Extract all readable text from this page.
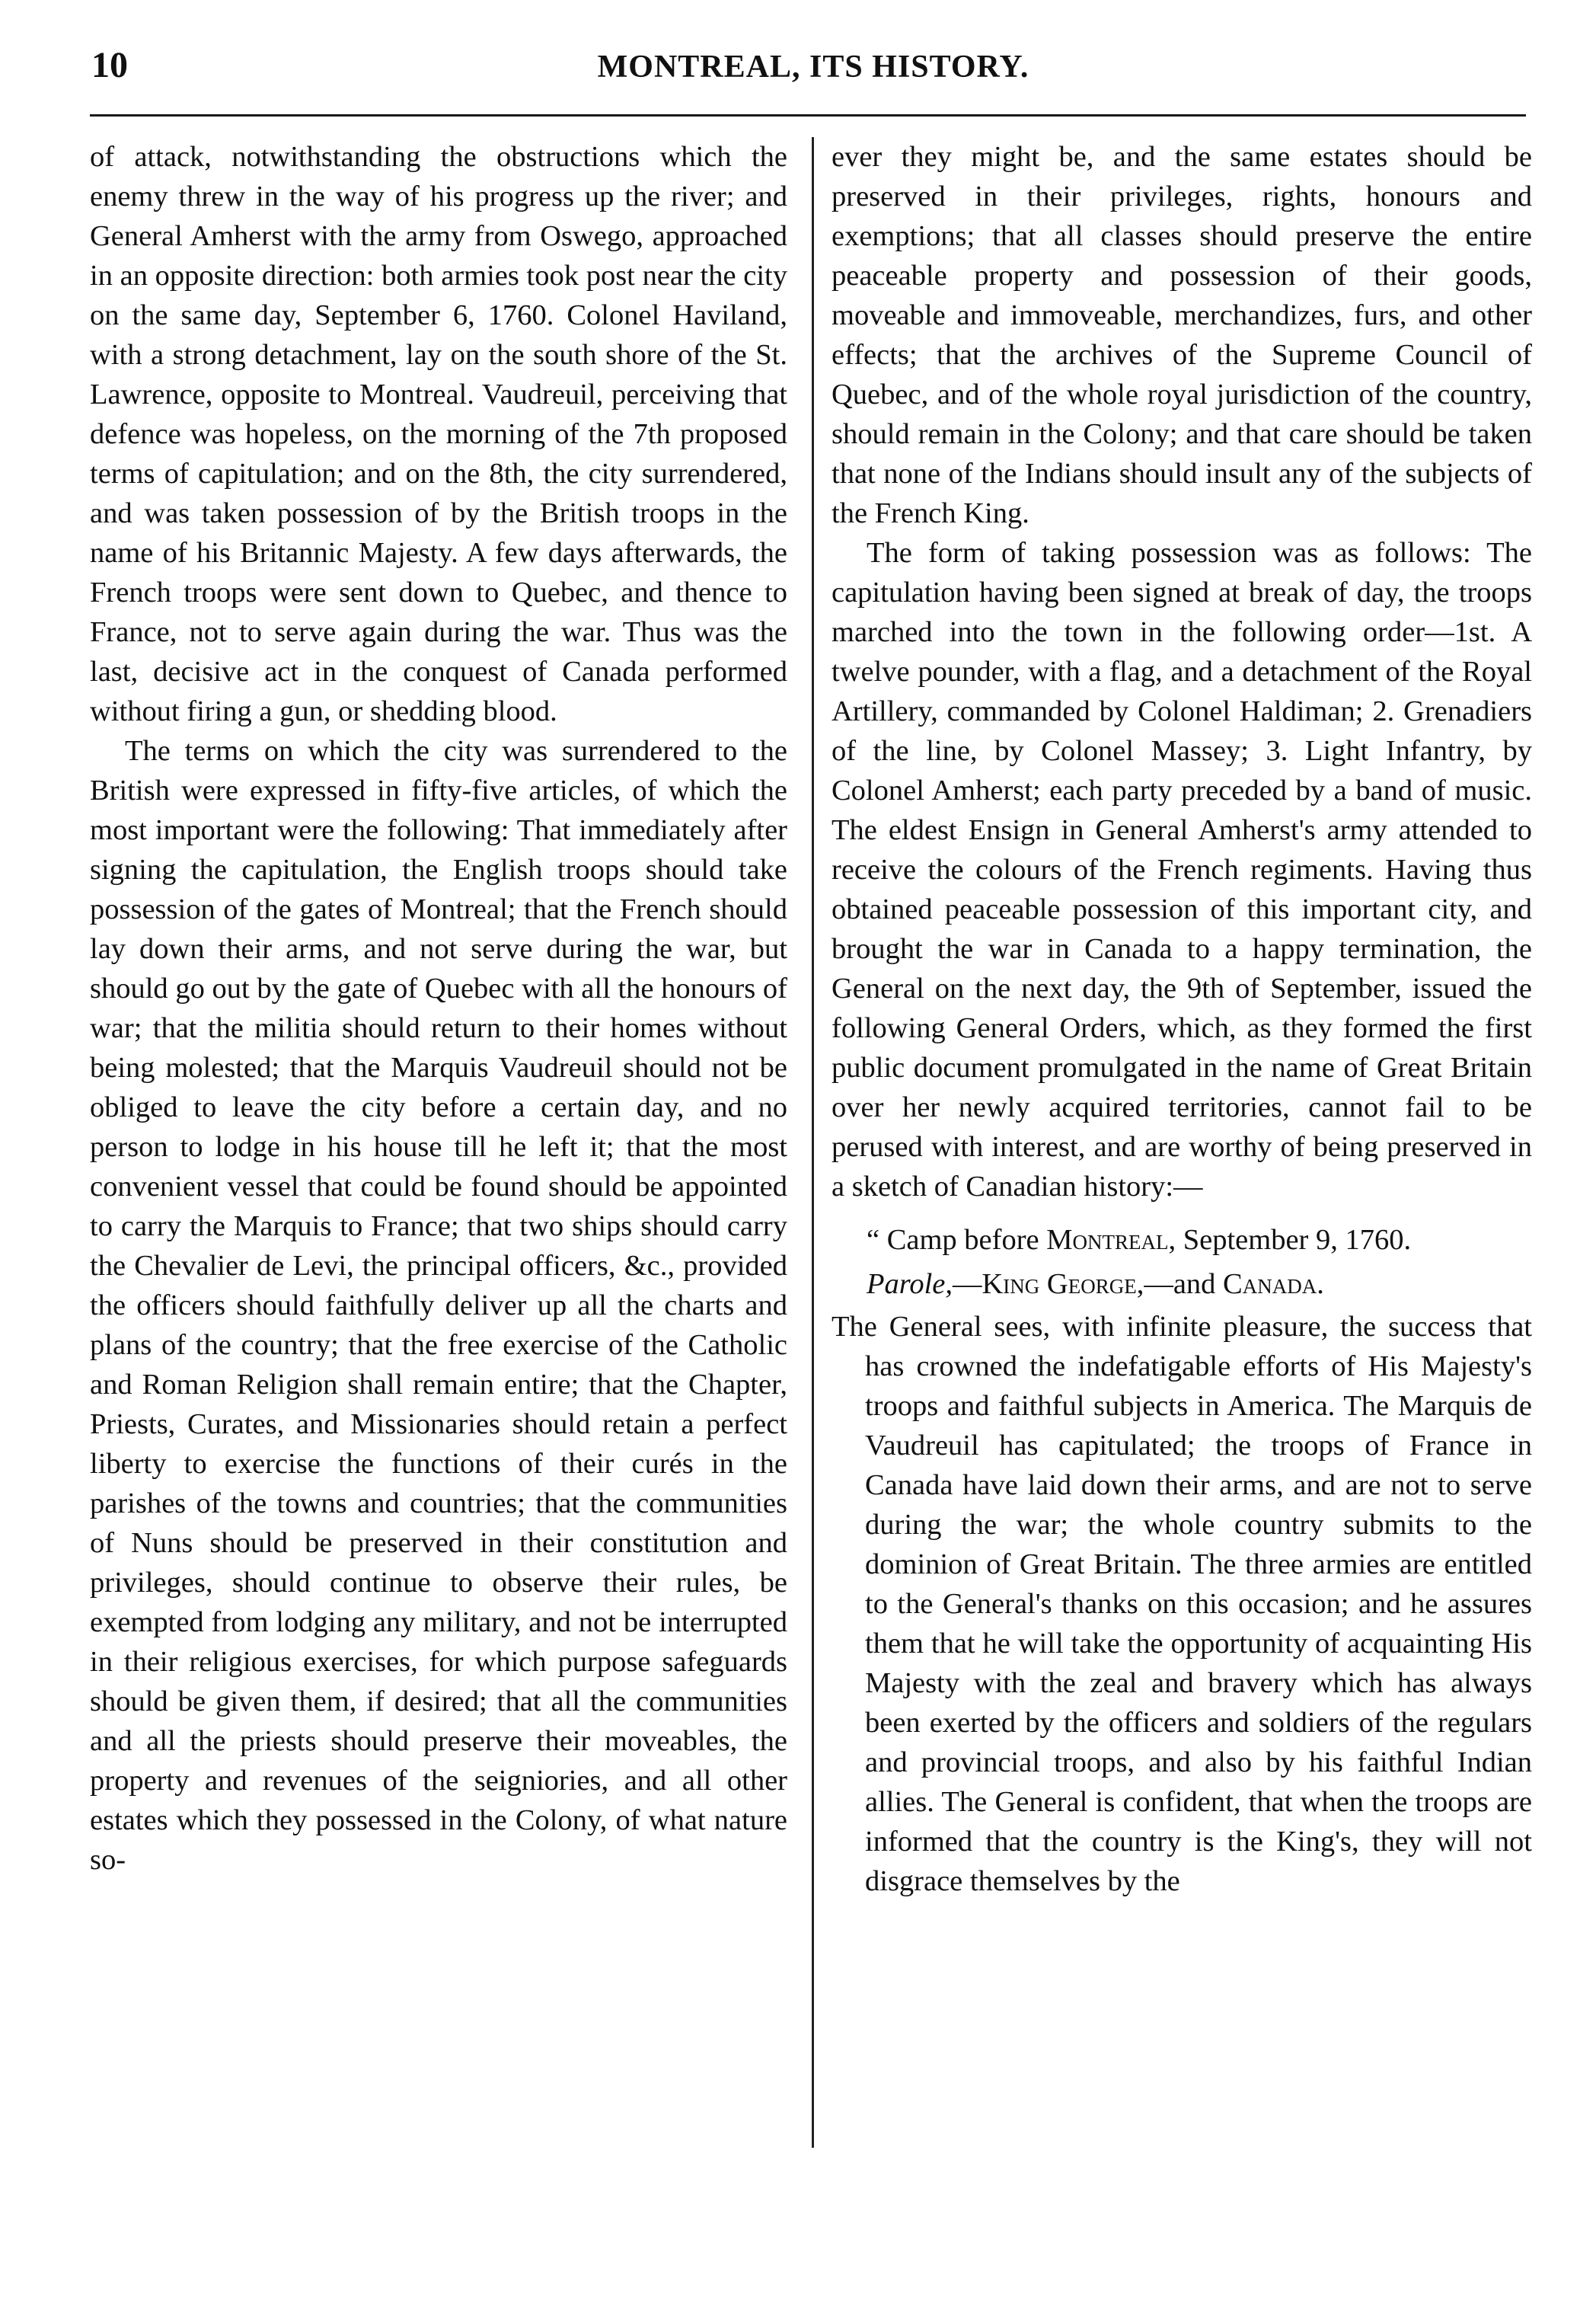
10	MONTREAL, ITS HISTORY.

of attack, notwithstanding the obstructions which the enemy threw in the way of his progress up the river; and General Amherst with the army from Oswego, approached in an opposite direction: both armies took post near the city on the same day, September 6, 1760. Colonel Haviland, with a strong detachment, lay on the south shore of the St. Lawrence, opposite to Montreal. Vaudreuil, perceiving that defence was hopeless, on the morning of the 7th proposed terms of capitulation; and on the 8th, the city surrendered, and was taken possession of by the British troops in the name of his Britannic Majesty. A few days afterwards, the French troops were sent down to Quebec, and thence to France, not to serve again during the war. Thus was the last, decisive act in the conquest of Canada performed without firing a gun, or shedding blood.

The terms on which the city was surrendered to the British were expressed in fifty-five articles, of which the most important were the following: That immediately after signing the capitulation, the English troops should take possession of the gates of Montreal; that the French should lay down their arms, and not serve during the war, but should go out by the gate of Quebec with all the honours of war; that the militia should return to their homes without being molested; that the Marquis Vaudreuil should not be obliged to leave the city before a certain day, and no person to lodge in his house till he left it; that the most convenient vessel that could be found should be appointed to carry the Marquis to France; that two ships should carry the Chevalier de Levi, the principal officers, &c., provided the officers should faithfully deliver up all the charts and plans of the country; that the free exercise of the Catholic and Roman Religion shall remain entire; that the Chapter, Priests, Curates, and Missionaries should retain a perfect liberty to exercise the functions of their curés in the parishes of the towns and countries; that the communities of Nuns should be preserved in their constitution and privileges, should continue to observe their rules, be exempted from lodging any military, and not be interrupted in their religious exercises, for which purpose safeguards should be given them, if desired; that all the communities and all the priests should preserve their moveables, the property and revenues of the seigniories, and all other estates which they possessed in the Colony, of what nature so-

ever they might be, and the same estates should be preserved in their privileges, rights, honours and exemptions; that all classes should preserve the entire peaceable property and possession of their goods, moveable and immoveable, merchandizes, furs, and other effects; that the archives of the Supreme Council of Quebec, and of the whole royal jurisdiction of the country, should remain in the Colony; and that care should be taken that none of the Indians should insult any of the subjects of the French King.

The form of taking possession was as follows: The capitulation having been signed at break of day, the troops marched into the town in the following order—1st. A twelve pounder, with a flag, and a detachment of the Royal Artillery, commanded by Colonel Haldiman; 2. Grenadiers of the line, by Colonel Massey; 3. Light Infantry, by Colonel Amherst; each party preceded by a band of music. The eldest Ensign in General Amherst's army attended to receive the colours of the French regiments. Having thus obtained peaceable possession of this important city, and brought the war in Canada to a happy termination, the General on the next day, the 9th of September, issued the following General Orders, which, as they formed the first public document promulgated in the name of Great Britain over her newly acquired territories, cannot fail to be perused with interest, and are worthy of being preserved in a sketch of Canadian history:—

“ Camp before Montreal, September 9, 1760.

Parole,—King George,—and Canada.

The General sees, with infinite pleasure, the success that has crowned the indefatigable efforts of His Majesty's troops and faithful subjects in America. The Marquis de Vaudreuil has capitulated; the troops of France in Canada have laid down their arms, and are not to serve during the war; the whole country submits to the dominion of Great Britain. The three armies are entitled to the General's thanks on this occasion; and he assures them that he will take the opportunity of acquainting His Majesty with the zeal and bravery which has always been exerted by the officers and soldiers of the regulars and provincial troops, and also by his faithful Indian allies. The General is confident, that when the troops are informed that the country is the King's, they will not disgrace themselves by the
